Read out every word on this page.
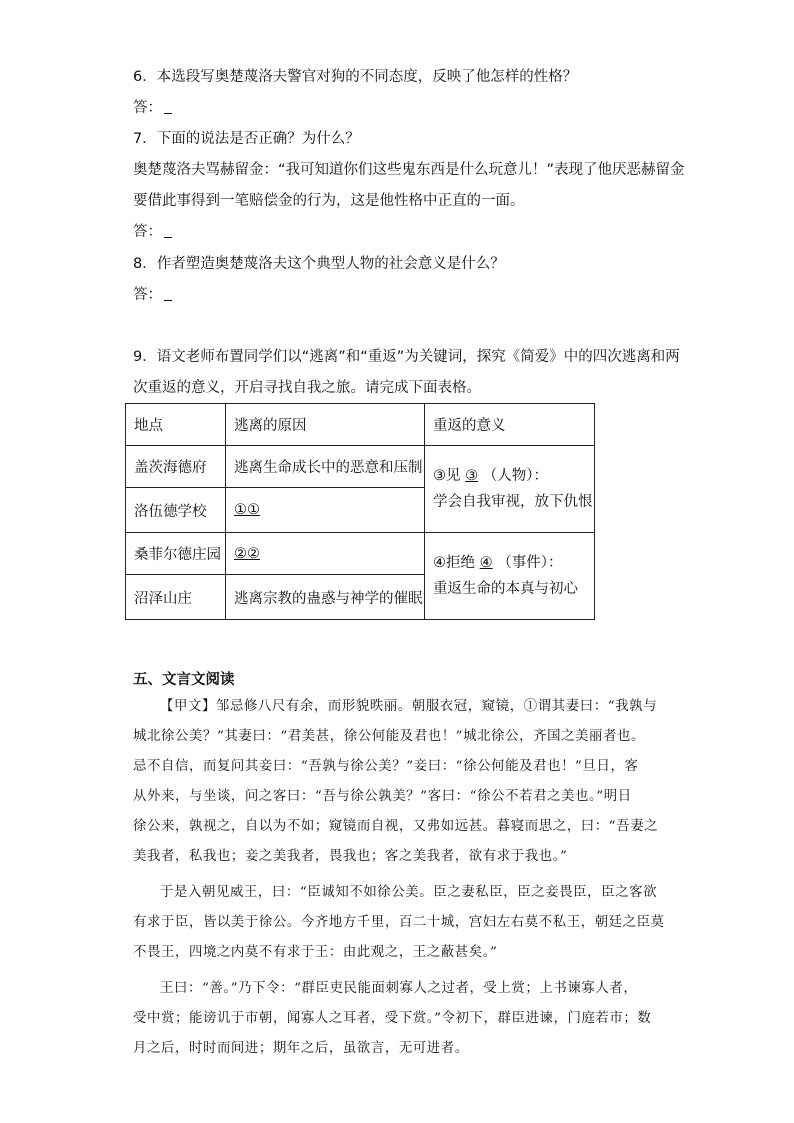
6．本选段写奥楚蔑洛夫警官对狗的不同态度，反映了他怎样的性格？
答：
7．下面的说法是否正确？为什么？
奥楚蔑洛夫骂赫留金：“我可知道你们这些鬼东西是什么玩意儿！”表现了他厌恶赫留金
要借此事得到一笔赔偿金的行为，这是他性格中正直的一面。
答：
8．作者塑造奥楚蔑洛夫这个典型人物的社会意义是什么？
答：
9．语文老师布置同学们以“逃离”和“重返”为关键词，探究《简爱》中的四次逃离和两
次重返的意义，开启寻找自我之旅。请完成下面表格。
地点	逃离的原因	重返的意义
盖茨海德府	逃离生命成长中的恶意和压制	③见 ③ （人物）：
学会自我审视，放下仇恨

洛伍德学校	①①	
桑菲尔德庄园	②②	④拒绝 ④ （事件）：
重返生命的本真与初心

沼泽山庄	逃离宗教的蛊惑与神学的催眠	
五、文言文阅读
【甲文】邹忌修八尺有余，而形貌昳丽。朝服衣冠，窥镜，①谓其妻曰：“我孰与
城北徐公美？”其妻曰：“君美甚，徐公何能及君也！”城北徐公，齐国之美丽者也。
忌不自信，而复问其妾曰：“吾孰与徐公美？”妾曰：“徐公何能及君也！”旦日，客
从外来，与坐谈，问之客曰：“吾与徐公孰美？”客曰：“徐公不若君之美也。”明日
徐公来，孰视之，自以为不如；窥镜而自视，又弗如远甚。暮寝而思之，曰：“吾妻之
美我者，私我也；妾之美我者，畏我也；客之美我者，欲有求于我也。”
于是入朝见威王，曰：“臣诚知不如徐公美。臣之妻私臣，臣之妾畏臣，臣之客欲
有求于臣，皆以美于徐公。今齐地方千里，百二十城，宫妇左右莫不私王，朝廷之臣莫
不畏王，四境之内莫不有求于王：由此观之，王之蔽甚矣。”
王曰：“善。”乃下令：“群臣吏民能面刺寡人之过者，受上赏；上书谏寡人者，
受中赏；能谤讥于市朝，闻寡人之耳者，受下赏。”令初下，群臣进谏，门庭若市；数
月之后，时时而间进；期年之后，虽欲言，无可进者。
